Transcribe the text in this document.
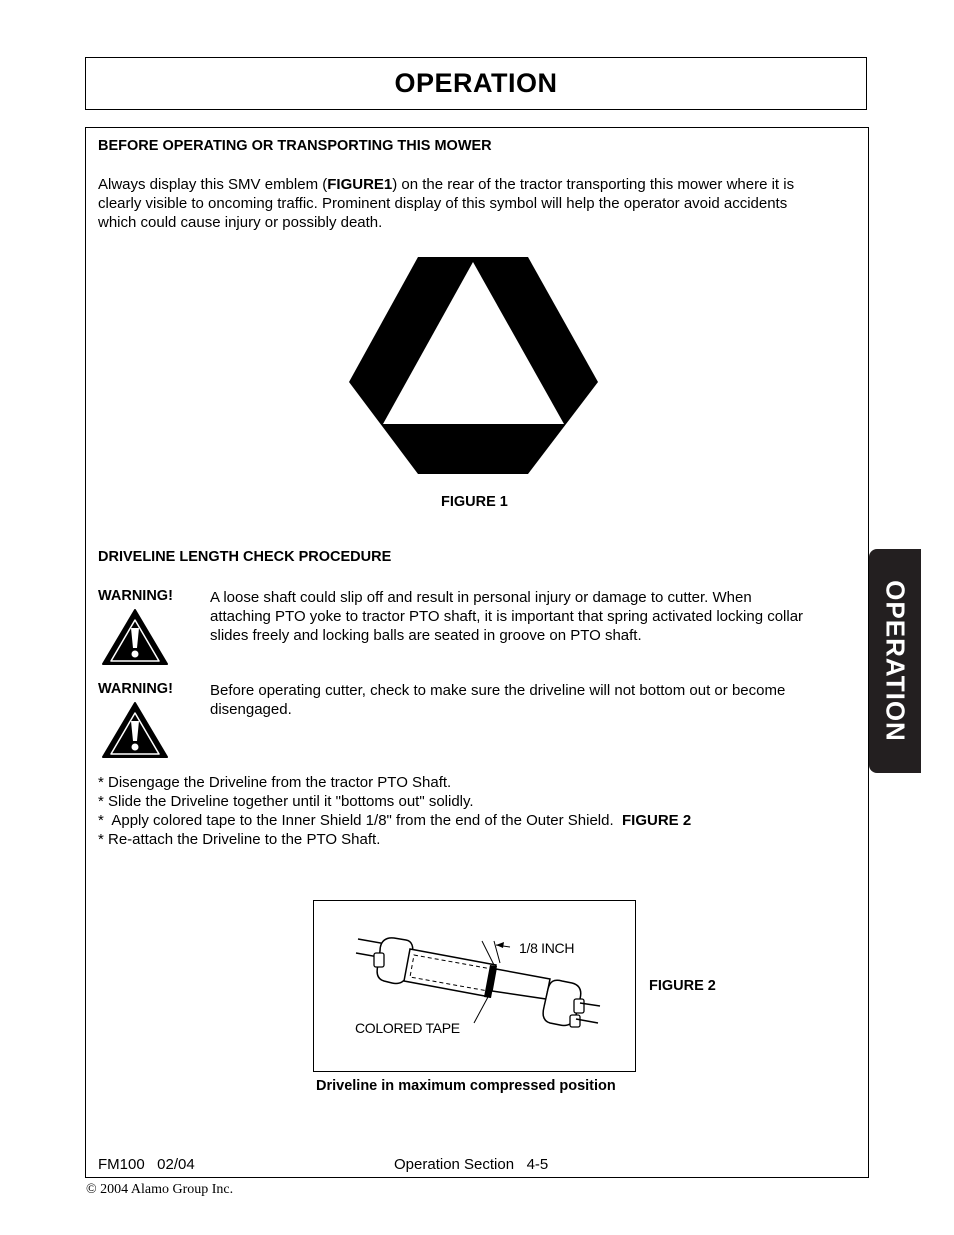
OPERATION
OPERATION
BEFORE OPERATING OR TRANSPORTING THIS MOWER
Always display this SMV emblem (FIGURE1) on the rear of the tractor transporting this mower where it is
clearly visible to oncoming traffic. Prominent display of this symbol will help the operator avoid accidents
which could cause injury or possibly death.
FIGURE 1
DRIVELINE LENGTH CHECK PROCEDURE
WARNING! A loose shaft could slip off and result in personal injury or damage to cutter. When
attaching PTO yoke to tractor PTO shaft, it is important that spring activated locking collar
slides freely and locking balls are seated in groove on PTO shaft.
WARNING! Before operating cutter, check to make sure the driveline will not bottom out or become
disengaged.
* Disengage the Driveline from the tractor PTO Shaft.
* Slide the Driveline together until it "bottoms out" solidly.
*  Apply colored tape to the Inner Shield 1/8" from the end of the Outer Shield.  FIGURE 2
* Re-attach the Driveline to the PTO Shaft.
1/8 INCH
COLORED TAPE
FIGURE 2
Driveline in maximum compressed position
FM100   02/04	Operation Section   4-5
© 2004 Alamo Group Inc.
